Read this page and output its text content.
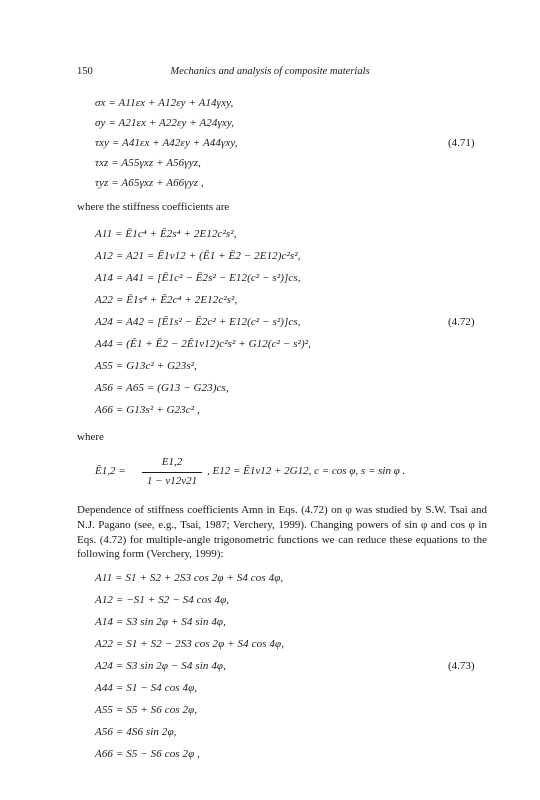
150	Mechanics and analysis of composite materials
σx = A11εx + A12εy + A14γxy,
σy = A21εx + A22εy + A24γxy,
τxy = A41εx + A42εy + A44γxy,
τxz = A55γxz + A56γyz,
τyz = A65γxz + A66γyz ,
(4.71)
where the stiffness coefficients are
A11 = Ē1c⁴ + Ē2s⁴ + 2E12c²s²,
A12 = A21 = Ē1ν12 + (Ē1 + Ē2 − 2E12)c²s²,
A14 = A41 = [Ē1c² − Ē2s² − E12(c² − s²)]cs,
A22 = Ē1s⁴ + Ē2c⁴ + 2E12c²s²,
A24 = A42 = [Ē1s² − Ē2c² + E12(c² − s²)]cs,
A44 = (Ē1 + Ē2 − 2Ē1ν12)c²s² + G12(c² − s²)²,
A55 = G13c² + G23s²,
A56 = A65 = (G13 − G23)cs,
A66 = G13s² + G23c² ,
(4.72)
where
Ē1,2 =
E1,2
1 − ν12ν21
, E12 = Ē1ν12 + 2G12, c = cos φ, s = sin φ .
Dependence of stiffness coefficients Amn in Eqs. (4.72) on φ was studied by S.W. Tsai and N.J. Pagano (see, e.g., Tsai, 1987; Verchery, 1999). Changing powers of sin φ and cos φ in Eqs. (4.72) for multiple-angle trigonometric functions we can reduce these equations to the following form (Verchery, 1999):
A11 = S1 + S2 + 2S3 cos 2φ + S4 cos 4φ,
A12 = −S1 + S2 − S4 cos 4φ,
A14 = S3 sin 2φ + S4 sin 4φ,
A22 = S1 + S2 − 2S3 cos 2φ + S4 cos 4φ,
A24 = S3 sin 2φ − S4 sin 4φ,
A44 = S1 − S4 cos 4φ,
A55 = S5 + S6 cos 2φ,
A56 = 4S6 sin 2φ,
A66 = S5 − S6 cos 2φ ,
(4.73)
